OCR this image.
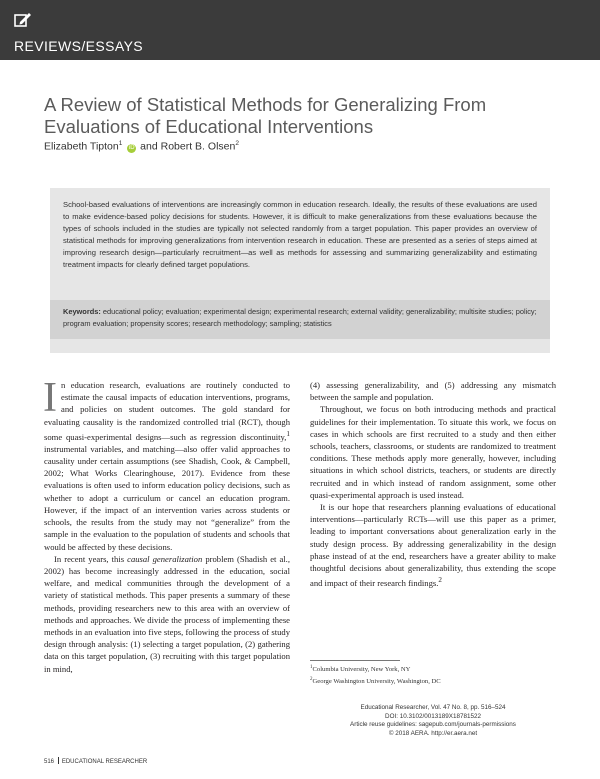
REVIEWS/ESSAYS
A Review of Statistical Methods for Generalizing From Evaluations of Educational Interventions
Elizabeth Tipton$^1$ iD and Robert B. Olsen$^2$

School-based evaluations of interventions are increasingly common in education research. Ideally, the results of these evaluations are used to make evidence-based policy decisions for students. However, it is difficult to make generalizations from these evaluations because the types of schools included in the studies are typically not selected randomly from a target population. This paper provides an overview of statistical methods for improving generalizations from intervention research in education. These are presented as a series of steps aimed at improving research design—particularly recruitment—as well as methods for assessing and summarizing generalizability and estimating treatment impacts for clearly defined target populations.

Keywords: educational policy; evaluation; experimental design; experimental research; external validity; generalizability; multisite studies; policy; program evaluation; propensity scores; research methodology; sampling; statistics

In education research, evaluations are routinely conducted to estimate the causal impacts of education interventions, programs, and policies on student outcomes. The gold standard for evaluating causality is the randomized controlled trial (RCT), though some quasi-experimental designs—such as regression discontinuity,$^1$ instrumental variables, and matching—also offer valid approaches to causality under certain assumptions (see Shadish, Cook, & Campbell, 2002; What Works Clearinghouse, 2017). Evidence from these evaluations is often used to inform education policy decisions, such as whether to adopt a curriculum or cancel an education program. However, if the impact of an intervention varies across students or schools, the results from the study may not “generalize” from the sample in the evaluation to the population of students and schools that would be affected by these decisions.

In recent years, this causal generalization problem (Shadish et al., 2002) has become increasingly addressed in the education, social welfare, and medical communities through the development of a variety of statistical methods. This paper presents a summary of these methods, providing researchers new to this area with an overview of methods and approaches. We divide the process of implementing these methods in an evaluation into five steps, following the process of study design through analysis: (1) selecting a target population, (2) gathering data on this target population, (3) recruiting with this target population in mind,

(4) assessing generalizability, and (5) addressing any mismatch between the sample and population.

Throughout, we focus on both introducing methods and practical guidelines for their implementation. To situate this work, we focus on cases in which schools are first recruited to a study and then either schools, teachers, classrooms, or students are randomized to treatment conditions. These methods apply more generally, however, including situations in which school districts, teachers, or students are directly recruited and in which instead of random assignment, some other quasi-experimental approach is used instead.

It is our hope that researchers planning evaluations of educational interventions—particularly RCTs—will use this paper as a primer, leading to important conversations about generalization early in the study design process. By addressing generalizability in the design phase instead of at the end, researchers have a greater ability to make thoughtful decisions about generalizability, thus extending the scope and impact of their research findings.$^2$

$^1$Columbia University, New York, NY
$^2$George Washington University, Washington, DC
Educational Researcher, Vol. 47 No. 8, pp. 516–524
DOI: 10.3102/0013189X18781522
Article reuse guidelines: sagepub.com/journals-permissions
© 2018 AERA. http://er.aera.net
516 EDUCATIONAL RESEARCHER
